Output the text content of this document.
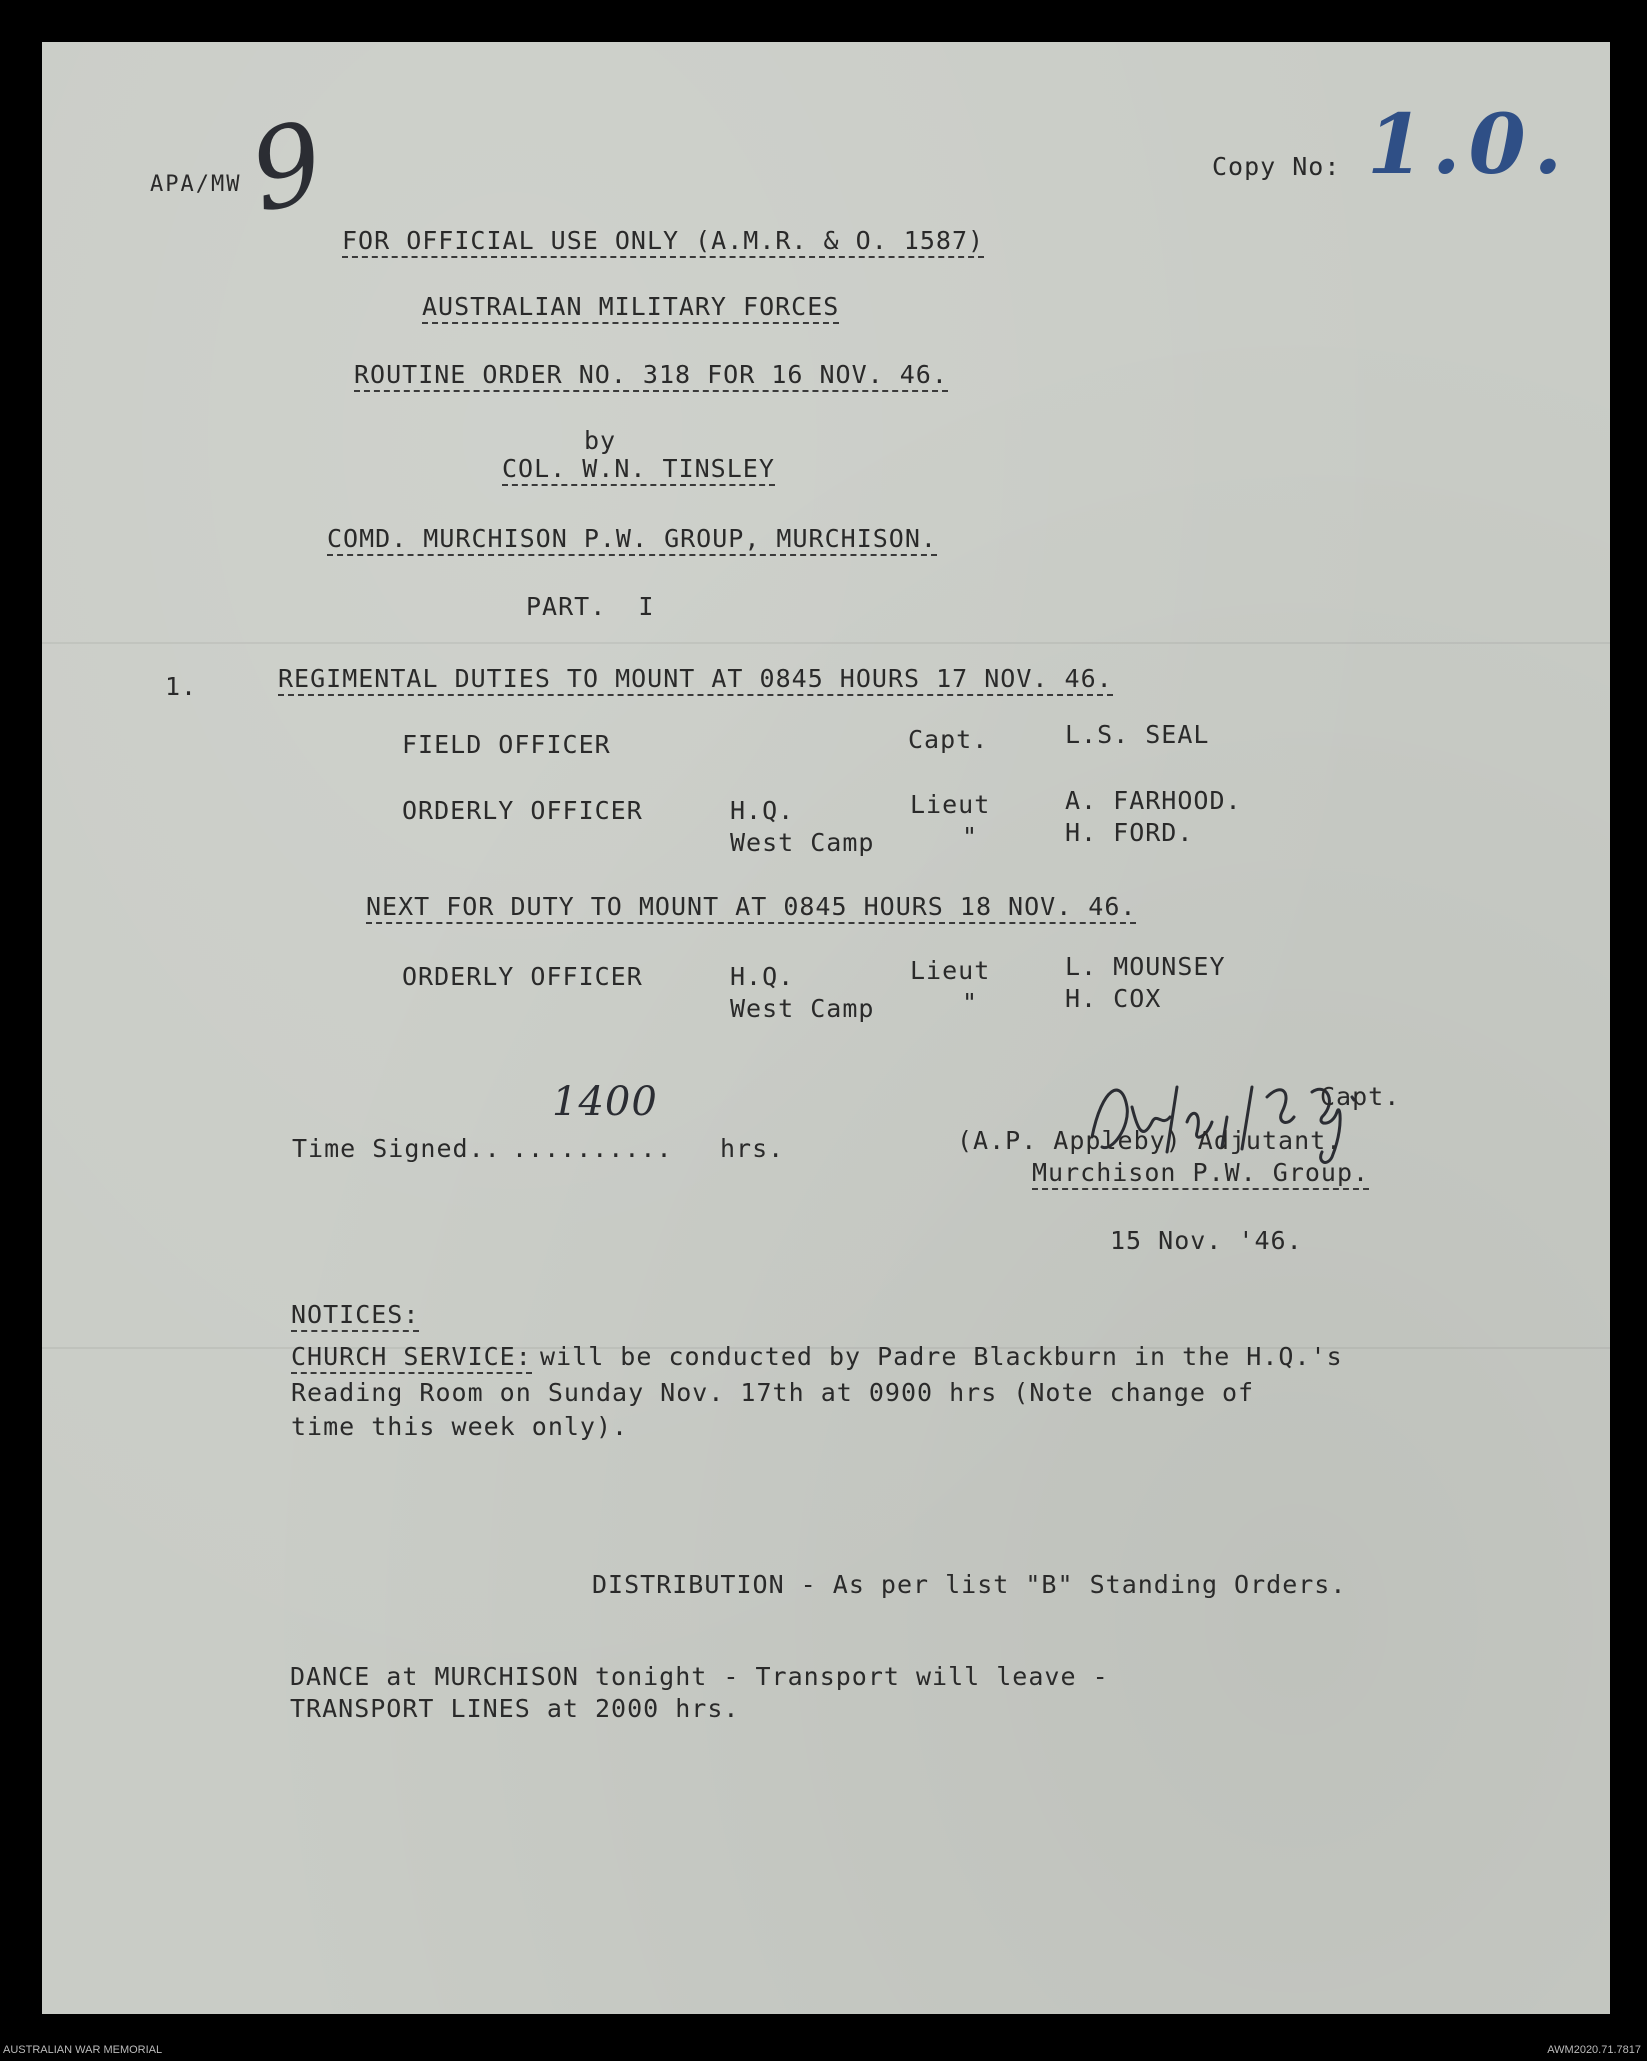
APA/MW
9	Copy No: 1.0.
FOR OFFICIAL USE ONLY (A.M.R. & O. 1587)
AUSTRALIAN MILITARY FORCES
ROUTINE ORDER NO. 318 FOR 16 NOV. 46.
by
COL. W.N. TINSLEY
COMD. MURCHISON P.W. GROUP, MURCHISON.
PART.  I
1.	REGIMENTAL DUTIES TO MOUNT AT 0845 HOURS 17 NOV. 46.
FIELD OFFICER	Capt.	L.S. SEAL
ORDERLY OFFICER	H.Q.	Lieut	A. FARHOOD.
West Camp	"	H. FORD.
NEXT FOR DUTY TO MOUNT AT 0845 HOURS 18 NOV. 46.
ORDERLY OFFICER	H.Q.	Lieut	L. MOUNSEY
West Camp	"	H. COX
Capt.
Time Signed.. .......... hrs.
1400
(A.P. Appleby) Adjutant.
Murchison P.W. Group.
15 Nov. '46.
NOTICES:
CHURCH SERVICE:
will be conducted by Padre Blackburn in the H.Q.'s
Reading Room on Sunday Nov. 17th at 0900 hrs (Note change of
time this week only).
DISTRIBUTION - As per list "B" Standing Orders.
DANCE at MURCHISON tonight - Transport will leave -
TRANSPORT LINES at 2000 hrs.
AUSTRALIAN WAR MEMORIAL	AWM2020.71.7817
